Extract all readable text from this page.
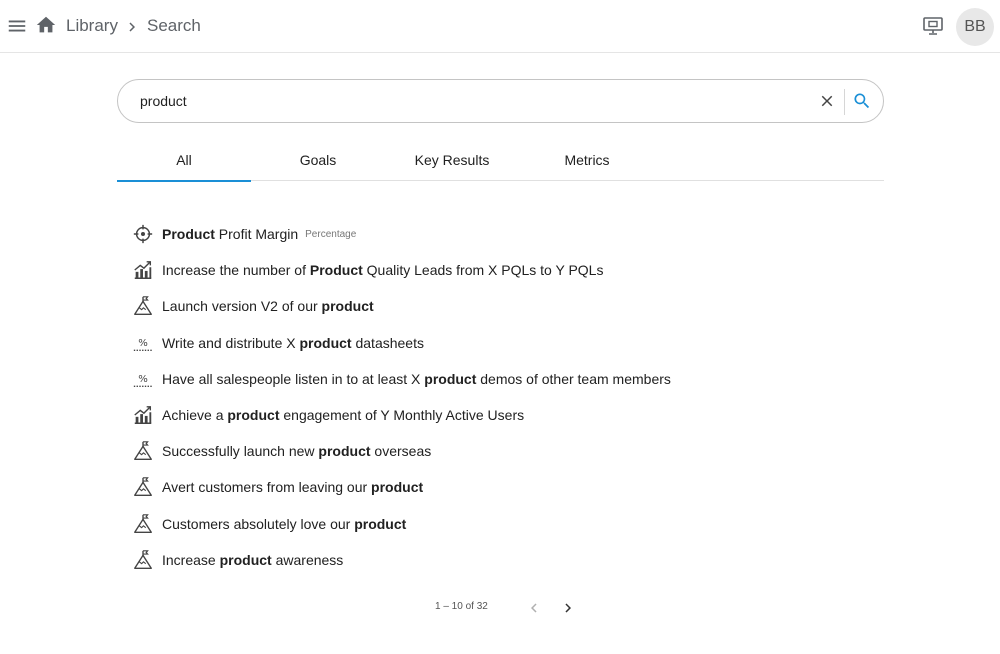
Library Search	BB
product
All	Goals	Key Results	Metrics
Product Profit Margin Percentage
Increase the number of Product Quality Leads from X PQLs to Y PQLs
Launch version V2 of our product
% Write and distribute X product datasheets
% Have all salespeople listen in to at least X product demos of other team members
Achieve a product engagement of Y Monthly Active Users
Successfully launch new product overseas
Avert customers from leaving our product
Customers absolutely love our product
Increase product awareness
1 – 10 of 32
